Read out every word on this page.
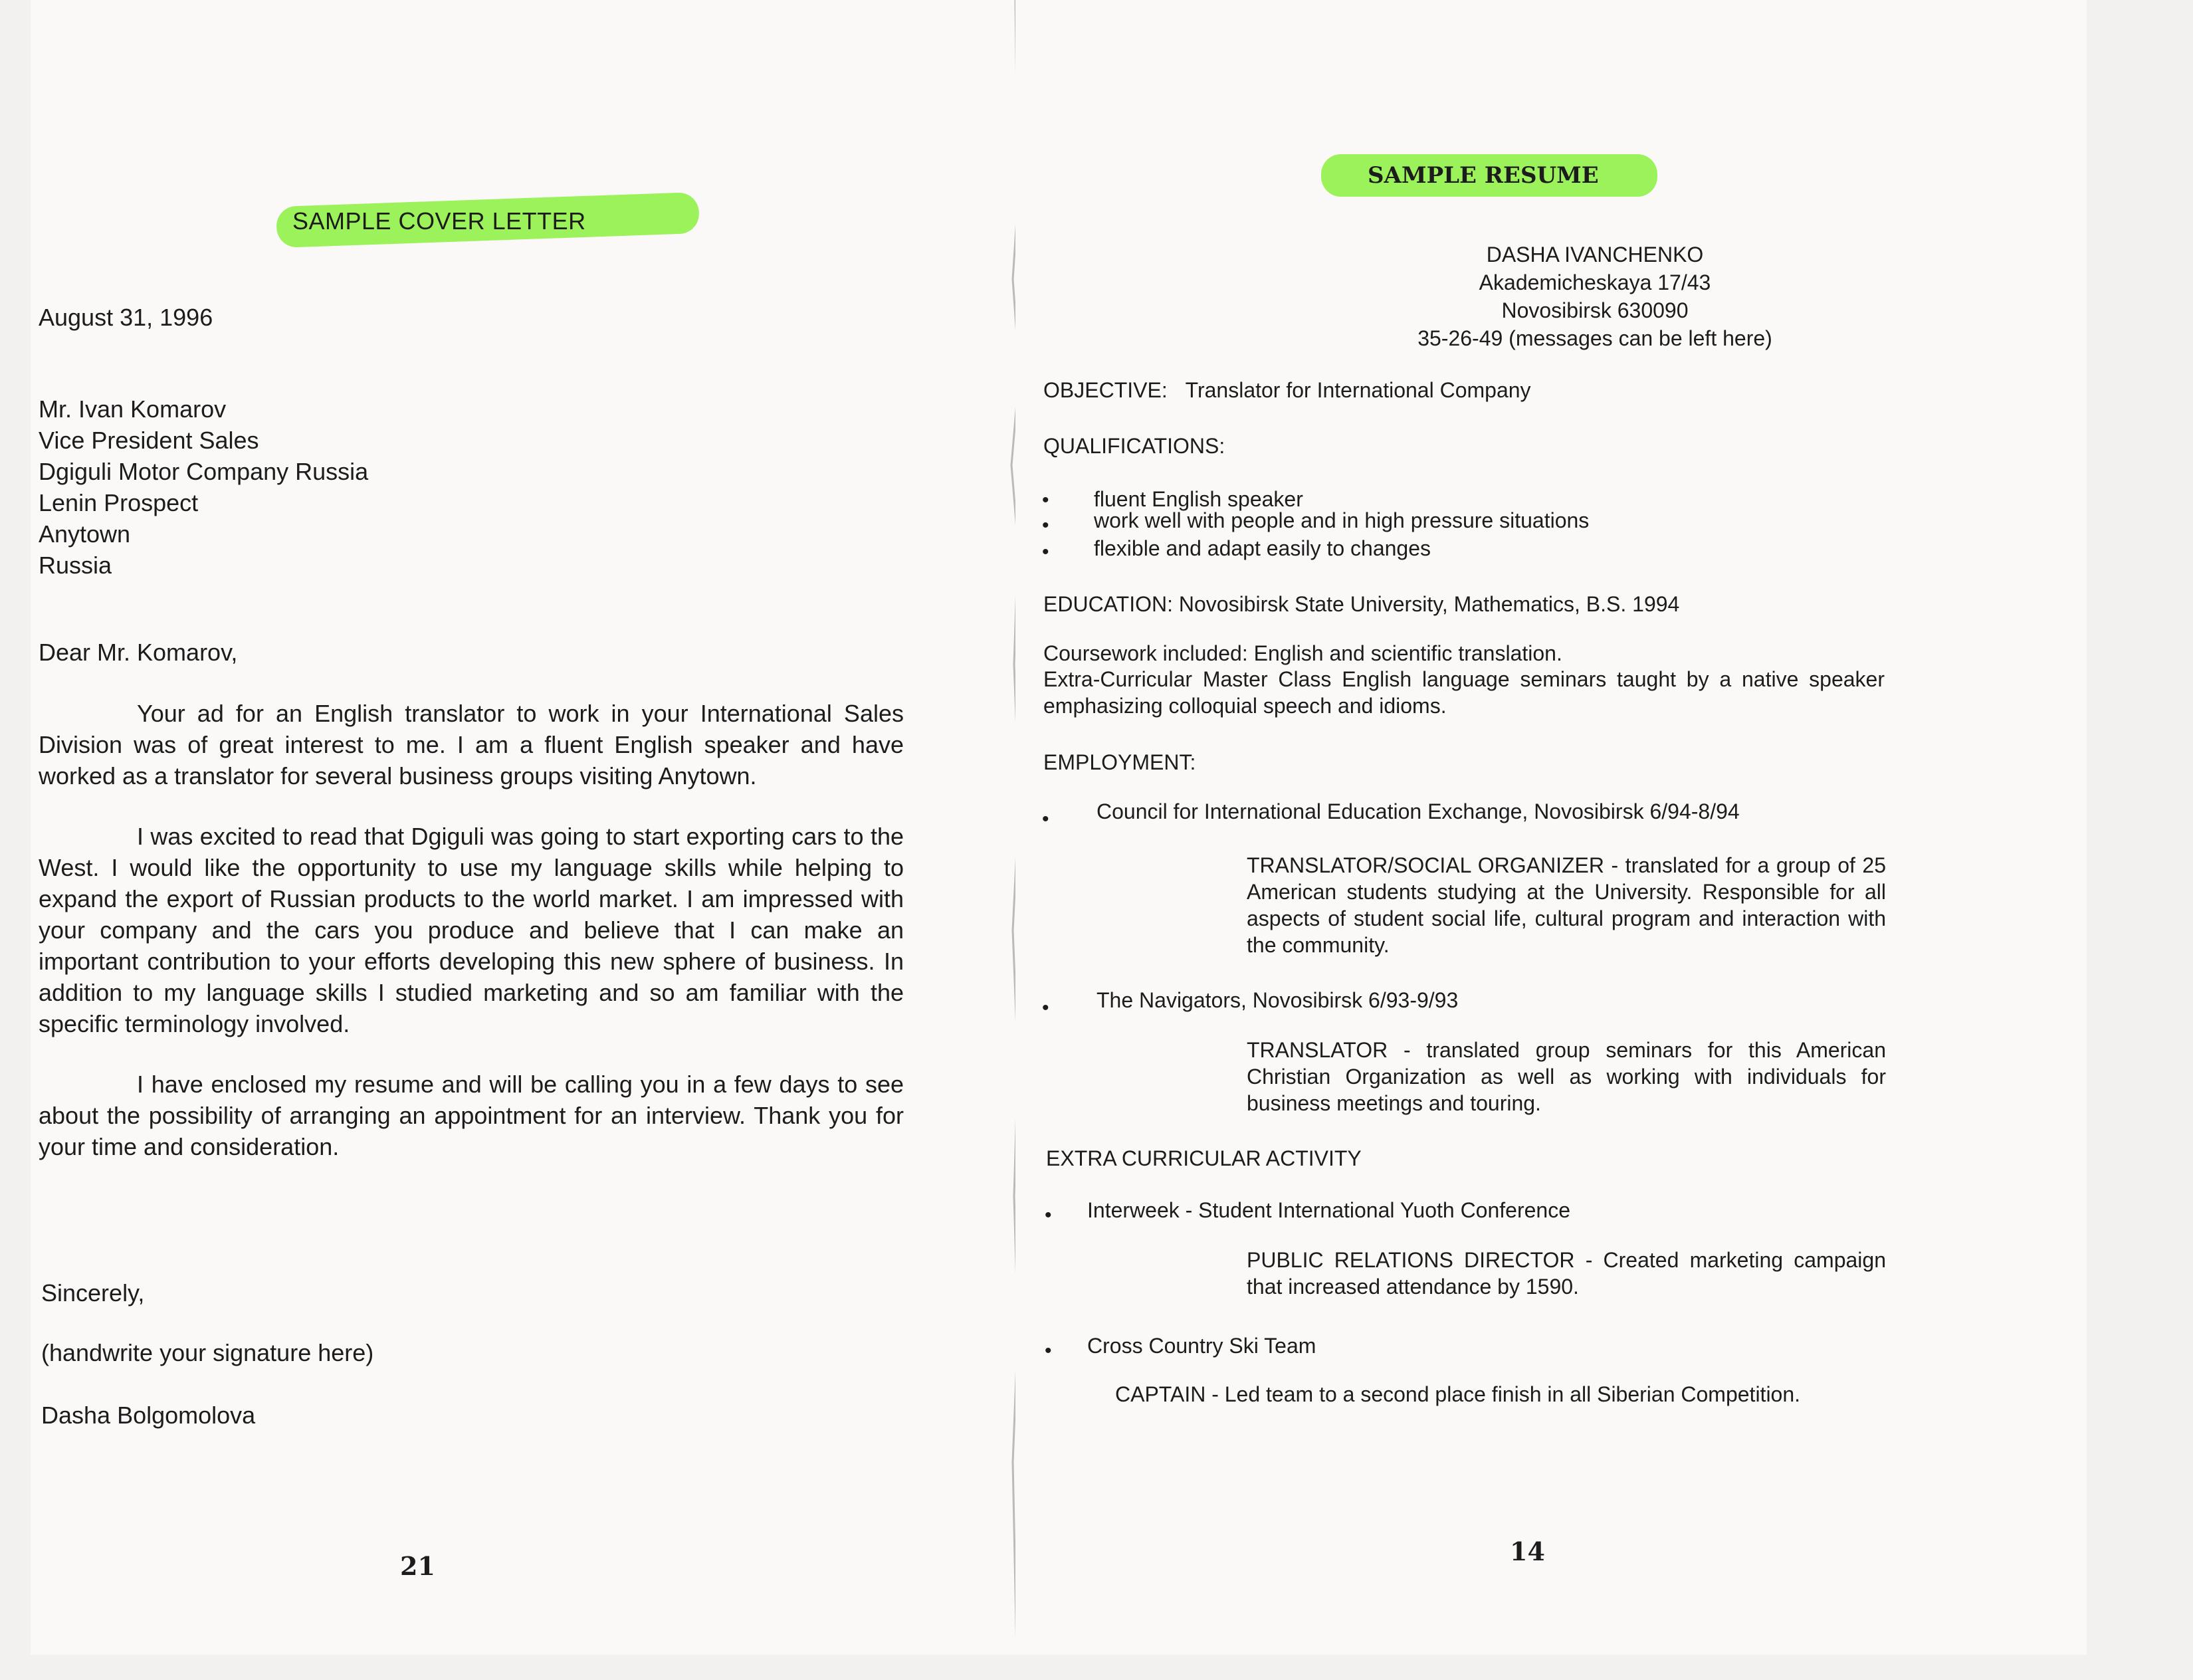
SAMPLE COVER LETTER
August 31, 1996
Mr. Ivan Komarov
Vice President Sales
Dgiguli Motor Company Russia
Lenin Prospect
Anytown
Russia
Dear Mr. Komarov,

Your ad for an English translator to work in your International Sales Division was of great interest to me. I am a fluent English speaker and have worked as a translator for several business groups visiting Anytown.

I was excited to read that Dgiguli was going to start exporting cars to the West. I would like the opportunity to use my language skills while helping to expand the export of Russian products to the world market. I am impressed with your company and the cars you produce and believe that I can make an important contribution to your efforts developing this new sphere of business. In addition to my language skills I studied marketing and so am familiar with the specific terminology involved.

I have enclosed my resume and will be calling you in a few days to see about the possibility of arranging an appointment for an interview. Thank you for your time and consideration.

Sincerely,
(handwrite your signature here)
Dasha Bolgomolova
21
SAMPLE RESUME
DASHA IVANCHENKO
Akademicheskaya 17/43
Novosibirsk 630090
35-26-49 (messages can be left here)
OBJECTIVE: Translator for International Company
QUALIFICATIONS:
• fluent English speaker
• work well with people and in high pressure situations
• flexible and adapt easily to changes
EDUCATION: Novosibirsk State University, Mathematics, B.S. 1994
Coursework included: English and scientific translation.

Extra-Curricular Master Class English language seminars taught by a native speaker emphasizing colloquial speech and idioms.

EMPLOYMENT:
• Council for International Education Exchange, Novosibirsk 6/94-8/94

TRANSLATOR/SOCIAL ORGANIZER - translated for a group of 25 American students studying at the University. Responsible for all aspects of student social life, cultural program and interaction with the community.

• The Navigators, Novosibirsk 6/93-9/93

TRANSLATOR - translated group seminars for this American Christian Organization as well as working with individuals for business meetings and touring.

EXTRA CURRICULAR ACTIVITY
• Interweek - Student International Yuoth Conference

PUBLIC RELATIONS DIRECTOR - Created marketing campaign that increased attendance by 1590.

• Cross Country Ski Team

CAPTAIN - Led team to a second place finish in all Siberian Competition.

14
